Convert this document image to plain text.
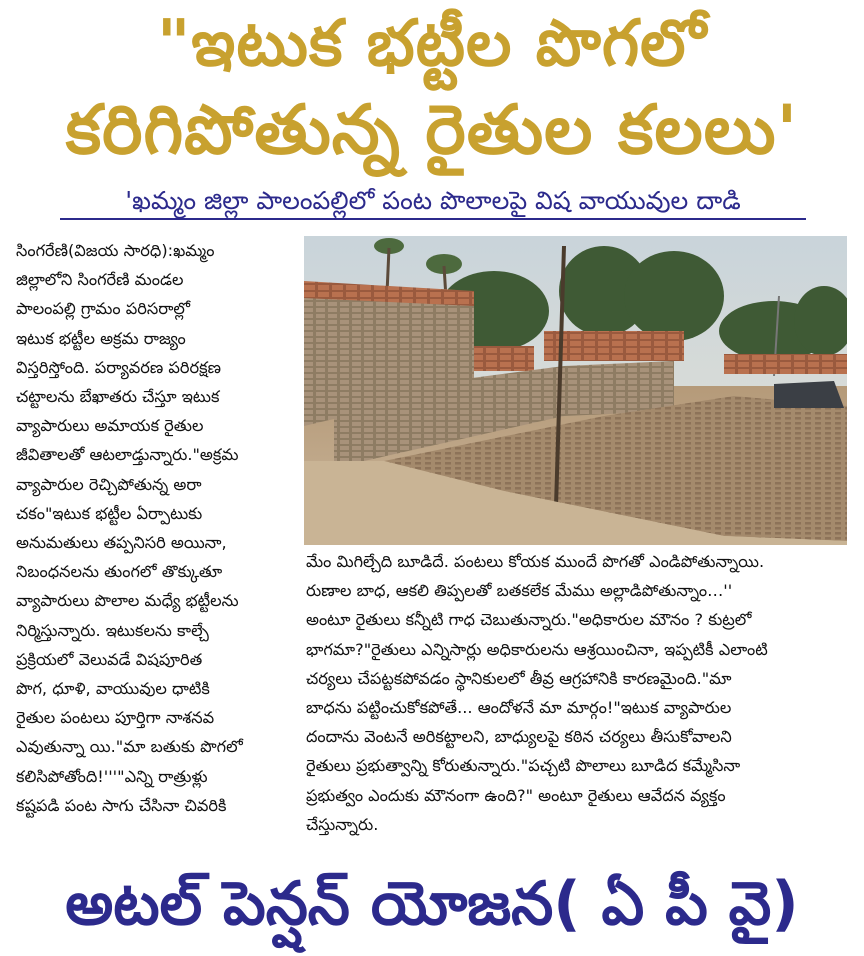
"ఇటుక భట్టీల పొగలో
కరిగిపోతున్న రైతుల కలలు'
'ఖమ్మం జిల్లా పాలంపల్లిలో పంట పొలాలపై విష వాయువుల దాడి
సింగరేణి(విజయ సారధి):ఖమ్మం
జిల్లాలోని సింగరేణి మండల
పాలంపల్లి గ్రామం పరిసరాల్లో
ఇటుక భట్టీల అక్రమ రాజ్యం
విస్తరిస్తోంది. పర్యావరణ పరిరక్షణ
చట్టాలను బేఖాతరు చేస్తూ ఇటుక
వ్యాపారులు అమాయక రైతుల
జీవితాలతో ఆటలాడ్తున్నారు."అక్రమ
వ్యాపారుల రెచ్చిపోతున్న అరా
చకం"ఇటుక భట్టీల ఏర్పాటుకు
అనుమతులు తప్పనిసరి అయినా,
నిబంధనలను తుంగలో తొక్కుతూ
వ్యాపారులు పొలాల మధ్యే భట్టీలను
నిర్మిస్తున్నారు. ఇటుకలను కాల్చే
ప్రక్రియలో వెలువడే విషపూరిత
పొగ, ధూళి, వాయువుల ధాటికి
రైతుల పంటలు పూర్తిగా నాశనవ
ఎవుతున్నా యి."మా బతుకు పొగలో
కలిసిపోతోంది!'''"ఎన్ని రాత్రుళ్లు
కష్టపడి పంట సాగు చేసినా చివరికి
మేం మిగిల్చేది బూడిదే. పంటలు కోయక ముందే పొగతో ఎండిపోతున్నాయి.
రుణాల బాధ, ఆకలి తిప్పలతో బతకలేక మేము అల్లాడిపోతున్నాం…''
అంటూ రైతులు కన్నీటి గాధ చెబుతున్నారు."అధికారుల మౌనం ? కుట్రలో
భాగమా?"రైతులు ఎన్నిసార్లు అధికారులను ఆశ్రయించినా, ఇప్పటికీ ఎలాంటి
చర్యలు చేపట్టకపోవడం స్థానికులలో తీవ్ర ఆగ్రహానికి కారణమైంది."మా
బాధను పట్టించుకోకపోతే... ఆందోళనే మా మార్గం!"ఇటుక వ్యాపారుల
దందాను వెంటనే అరికట్టాలని, బాధ్యులపై కఠిన చర్యలు తీసుకోవాలని
రైతులు ప్రభుత్వాన్ని కోరుతున్నారు."పచ్చటి పొలాలు బూడిద కమ్మేసినా
ప్రభుత్వం ఎందుకు మౌనంగా ఉంది?" అంటూ రైతులు ఆవేదన వ్యక్తం
చేస్తున్నారు.
అటల్ పెన్షన్ యోజన( ఏ పీ వై)
